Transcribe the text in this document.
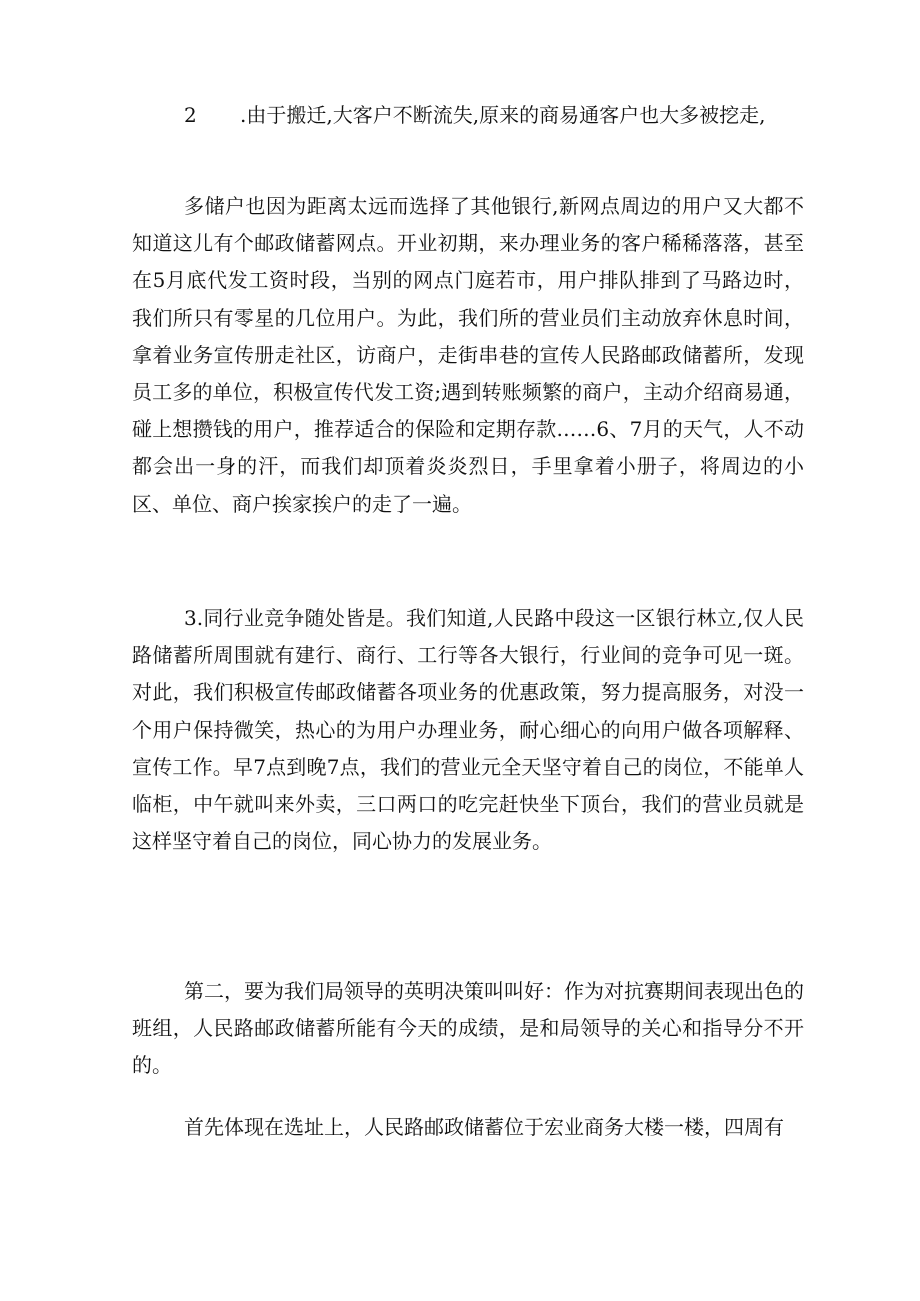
2 .由于搬迁,大客户不断流失,原来的商易通客户也大多被挖走,

多储户也因为距离太远而选择了其他银行,新网点周边的用户又大都不知道这儿有个邮政储蓄网点。开业初期，来办理业务的客户稀稀落落，甚至在5月底代发工资时段，当别的网点门庭若市，用户排队排到了马路边时，我们所只有零星的几位用户。为此，我们所的营业员们主动放弃休息时间，拿着业务宣传册走社区，访商户，走街串巷的宣传人民路邮政储蓄所，发现员工多的单位，积极宣传代发工资;遇到转账频繁的商户，主动介绍商易通，碰上想攒钱的用户，推荐适合的保险和定期存款……6、7月的天气，人不动都会出一身的汗，而我们却顶着炎炎烈日，手里拿着小册子，将周边的小区、单位、商户挨家挨户的走了一遍。

3.同行业竞争随处皆是。我们知道,人民路中段这一区银行林立,仅人民路储蓄所周围就有建行、商行、工行等各大银行，行业间的竞争可见一斑。对此，我们积极宣传邮政储蓄各项业务的优惠政策，努力提高服务，对没一个用户保持微笑，热心的为用户办理业务，耐心细心的向用户做各项解释、宣传工作。早7点到晚7点，我们的营业元全天坚守着自己的岗位，不能单人临柜，中午就叫来外卖，三口两口的吃完赶快坐下顶台，我们的营业员就是这样坚守着自己的岗位，同心协力的发展业务。

第二，要为我们局领导的英明决策叫叫好：作为对抗赛期间表现出色的班组，人民路邮政储蓄所能有今天的成绩，是和局领导的关心和指导分不开的。

首先体现在选址上，人民路邮政储蓄位于宏业商务大楼一楼，四周有
